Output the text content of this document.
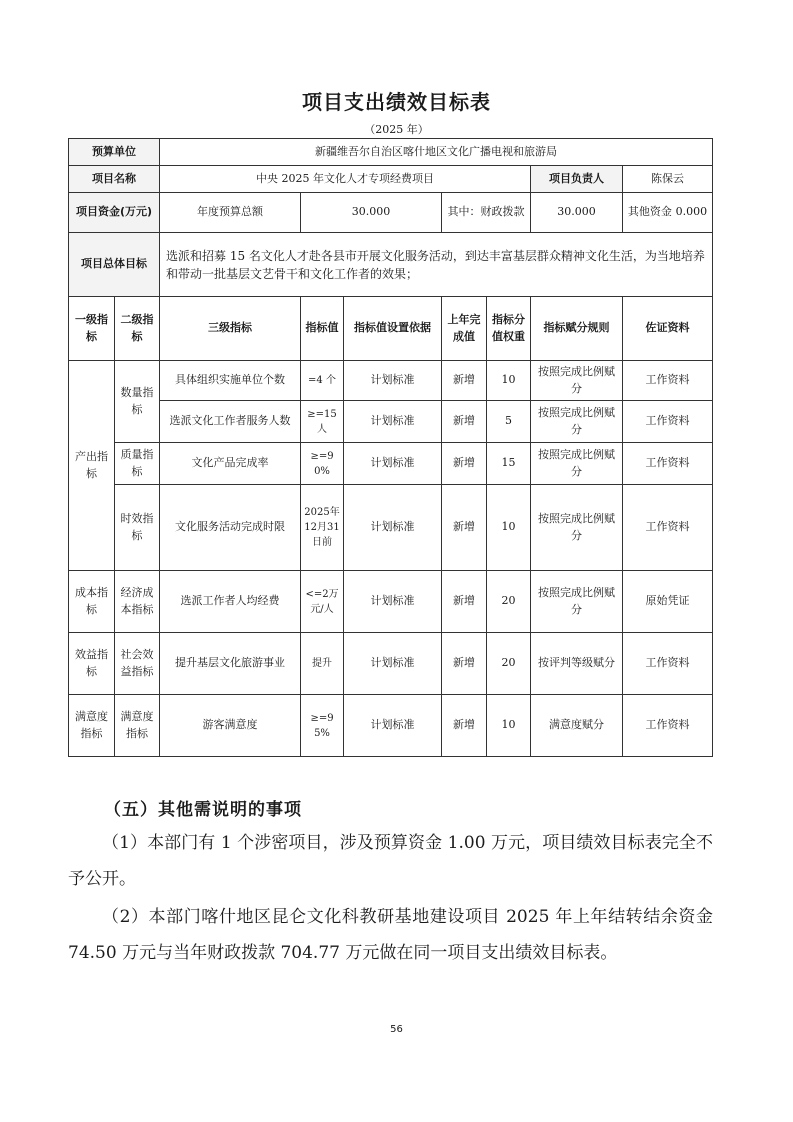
项目支出绩效目标表
（2025 年）
预算单位		新疆维吾尔自治区喀什地区文化广播电视和旅游局						
项目名称		中央 2025 年文化人才专项经费项目					项目负责人	陈保云
项目资金(万元)		年度预算总额	30.000		其中：财政拨款		30.000	其他资金 0.000

项目总体目标		选派和招募 15 名文化人才赴各县市开展文化服务活动，到达丰富基层群众精神文化生活，为当地培养和带动一批基层文艺骨干和文化工作者的效果；						
一级指标	二级指标	三级指标	指标值	指标值设置依据	上年完成值	指标分值权重	指标赋分规则	佐证资料
产出指标	数量指标	具体组织实施单位个数	=4 个	计划标准	新增	10	按照完成比例赋分	工作资料
		选派文化工作者服务人数	≥=15人	计划标准	新增	5	按照完成比例赋分	工作资料
	质量指标	文化产品完成率	≥=90%	计划标准	新增	15	按照完成比例赋分	工作资料
	时效指标	文化服务活动完成时限	2025年12月31日前	计划标准	新增	10	按照完成比例赋分	工作资料
成本指标	经济成本指标	选派工作者人均经费	<=2万元/人	计划标准	新增	20	按照完成比例赋分	原始凭证
效益指标	社会效益指标	提升基层文化旅游事业	提升	计划标准	新增	20	按评判等级赋分	工作资料
满意度指标	满意度指标	游客满意度	≥=95%	计划标准	新增	10	满意度赋分	工作资料
（五）其他需说明的事项
（1）本部门有 1 个涉密项目，涉及预算资金 1.00 万元，项目绩效目标表完全不予公开。
（2）本部门喀什地区昆仑文化科教研基地建设项目 2025 年上年结转结余资金 74.50 万元与当年财政拨款 704.77 万元做在同一项目支出绩效目标表。
56
